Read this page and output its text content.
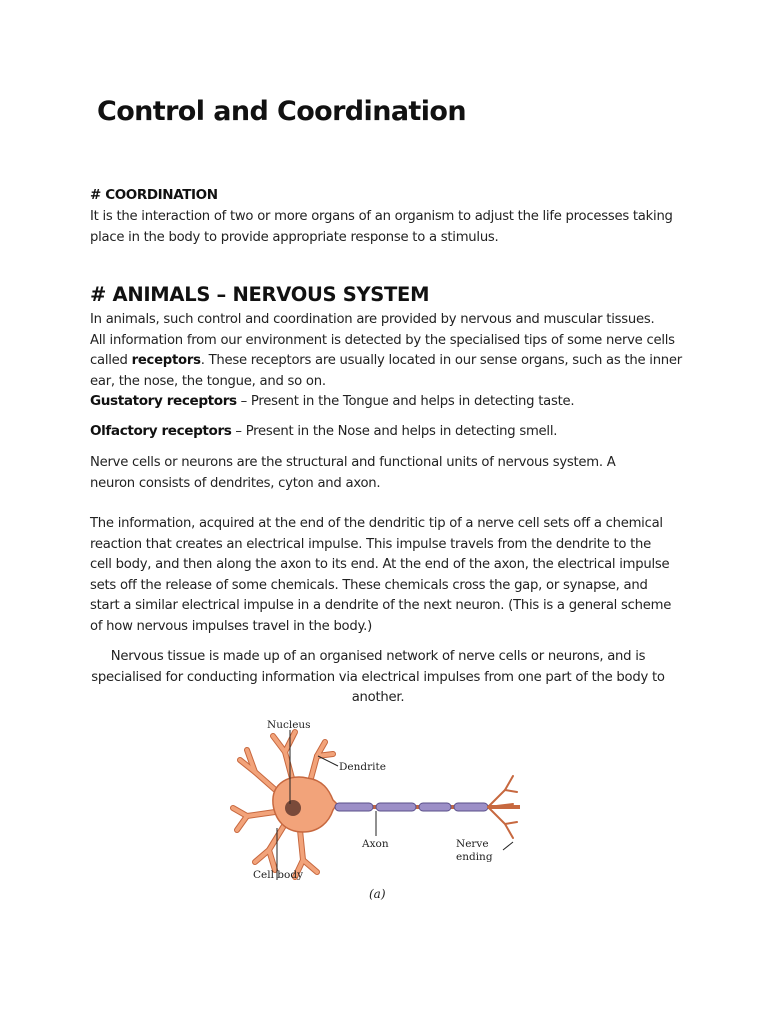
Control and Coordination
# COORDINATION

It is the interaction of two or more organs of an organism to adjust the life processes taking place in the body to provide appropriate response to a stimulus.

# ANIMALS – NERVOUS SYSTEM

In animals, such control and coordination are provided by nervous and muscular tissues.
All information from our environment is detected by the specialised tips of some nerve cells called receptors. These receptors are usually located in our sense organs, such as the inner ear, the nose, the tongue, and so on.

Gustatory receptors – Present in the Tongue and helps in detecting taste.

Olfactory receptors – Present in the Nose and helps in detecting smell.

Nerve cells or neurons are the structural and functional units of nervous system. A neuron consists of dendrites, cyton and axon.

The information, acquired at the end of the dendritic tip of a nerve cell sets off a chemical reaction that creates an electrical impulse. This impulse travels from the dendrite to the cell body, and then along the axon to its end. At the end of the axon, the electrical impulse sets off the release of some chemicals. These chemicals cross the gap, or synapse, and start a similar electrical impulse in a dendrite of the next neuron. (This is a general scheme of how nervous impulses travel in the body.)

Nervous tissue is made up of an organised network of nerve cells or neurons, and is specialised for conducting information via electrical impulses from one part of the body to another.

Nucleus
Dendrite
Axon	Nerve
ending
Cell body
(a)
